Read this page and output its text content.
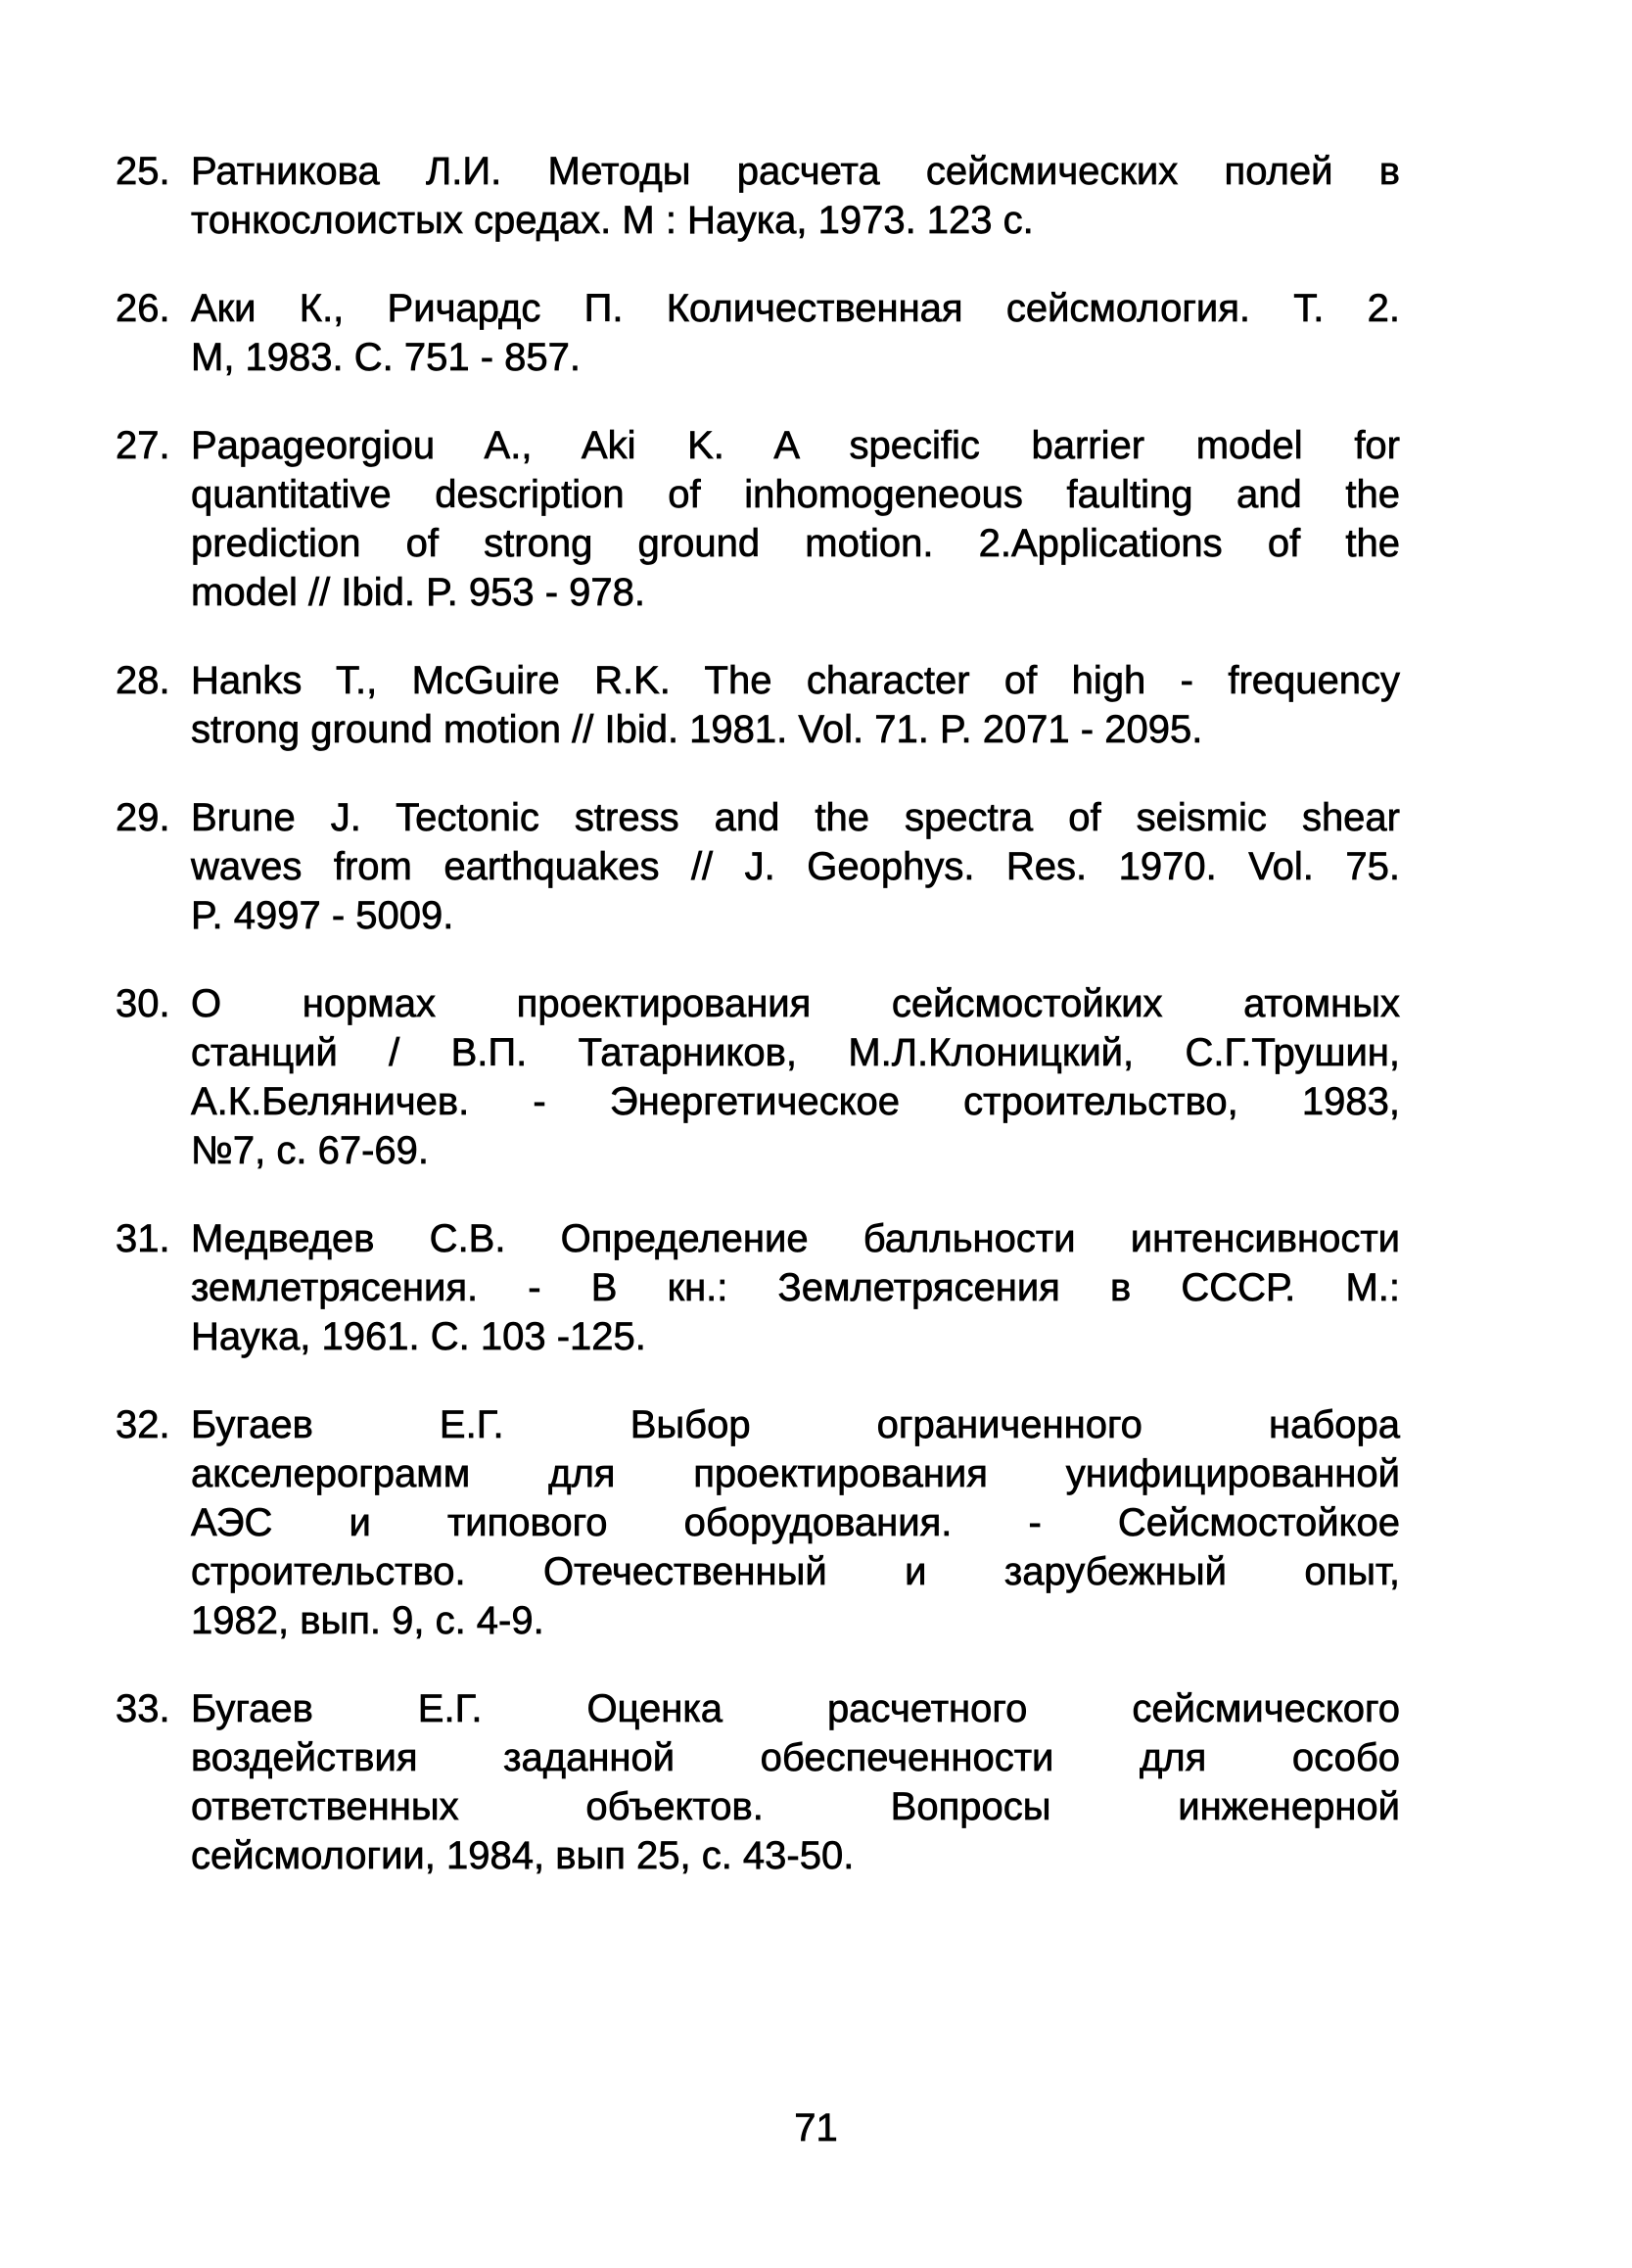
25. Ратникова Л.И. Методы расчета сейсмических полей в
тонкослоистых средах. М : Наука, 1973. 123 с.
26. Аки К., Ричардс П. Количественная сейсмология. Т. 2.
М, 1983. С. 751 - 857.
27. Papageorgiou A., Aki K. A specific barrier model for
quantitative description of inhomogeneous faulting and the
prediction of strong ground motion. 2.Applications of the
model // Ibid. P. 953 - 978.
28. Hanks T., McGuire R.K. The character of high - frequency
strong ground motion // Ibid. 1981. Vol. 71. P. 2071 - 2095.
29. Brune J. Tectonic stress and the spectra of seismic shear
waves from earthquakes // J. Geophys. Res. 1970. Vol. 75.
P. 4997 - 5009.
30. О нормах проектирования сейсмостойких атомных
станций / В.П. Татарников, М.Л.Клоницкий, С.Г.Трушин,
А.К.Беляничев. - Энергетическое строительство, 1983,
№7, с. 67-69.
31. Медведев С.В. Определение балльности интенсивности
землетрясения. - В кн.: Землетрясения в СССР. М.:
Наука, 1961. С. 103 -125.
32. Бугаев Е.Г. Выбор ограниченного набора
акселерограмм для проектирования унифицированной
АЭС и типового оборудования. - Сейсмостойкое
строительство. Отечественный и зарубежный опыт,
1982, вып. 9, с. 4-9.
33. Бугаев Е.Г. Оценка расчетного сейсмического
воздействия заданной обеспеченности для особо
ответственных объектов. Вопросы инженерной
сейсмологии, 1984, вып 25, с. 43-50.
71
